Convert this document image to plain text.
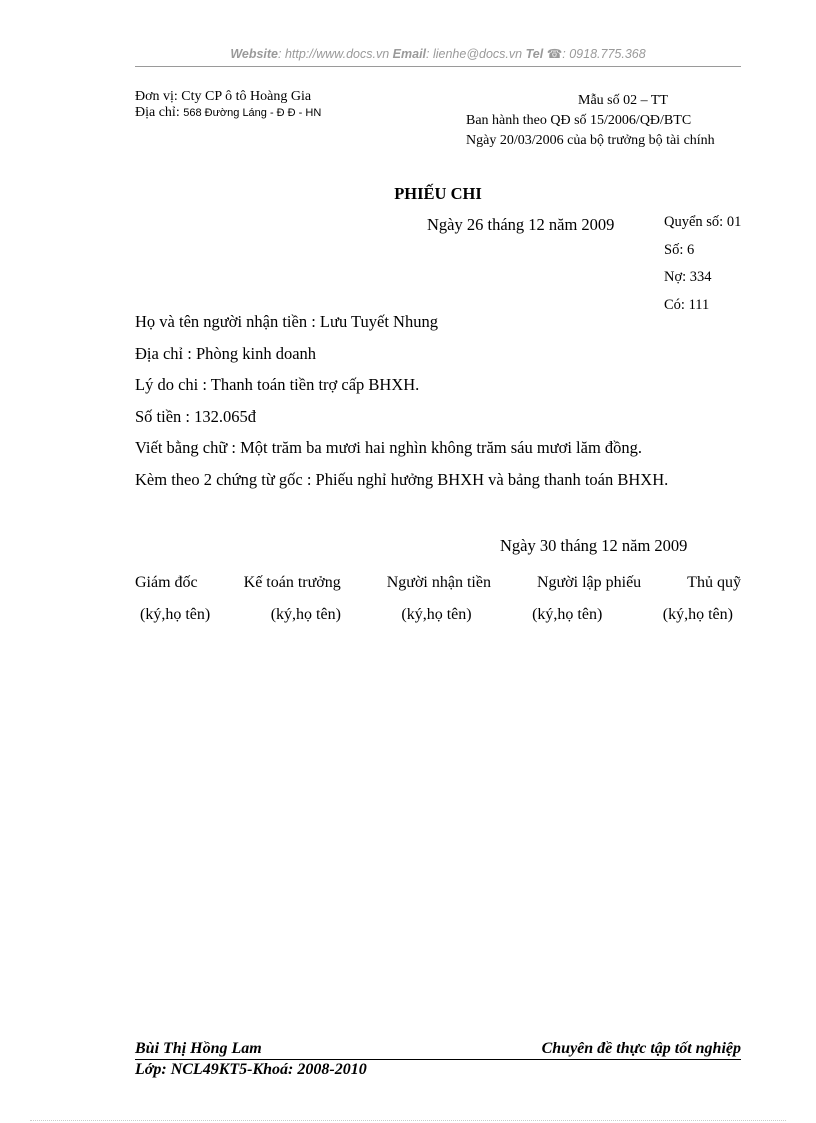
Website: http://www.docs.vn Email: lienhe@docs.vn Tel ☎: 0918.775.368
Đơn vị: Cty CP ô tô Hoàng Gia
Địa chỉ: 568 Đường Láng - Đ Đ - HN
Mẫu số 02 – TT
Ban hành theo QĐ số 15/2006/QĐ/BTC
Ngày 20/03/2006 của bộ trưởng bộ tài chính
PHIẾU CHI
Ngày 26 tháng 12 năm 2009	Quyển số: 01
Số: 6
Nợ: 334
Có: 111

Họ và tên người nhận tiền : Lưu Tuyết Nhung

Địa chỉ : Phòng kinh doanh

Lý do chi : Thanh toán tiền trợ cấp BHXH.

Số tiền : 132.065đ

Viết bằng chữ : Một trăm ba mươi hai nghìn không trăm sáu mươi lăm đồng.

Kèm theo 2 chứng từ gốc : Phiếu nghỉ hưởng BHXH và bảng thanh toán BHXH.

Ngày 30 tháng 12 năm 2009
Giám đốc	Kế toán trưởng	Người nhận tiền	Người lập phiếu	Thủ quỹ
(ký,họ tên)	(ký,họ tên)	(ký,họ tên)	(ký,họ tên)	(ký,họ tên)
Bùi Thị Hồng Lam	Chuyên đề thực tập tốt nghiệp
Lớp: NCL49KT5-Khoá: 2008-2010
